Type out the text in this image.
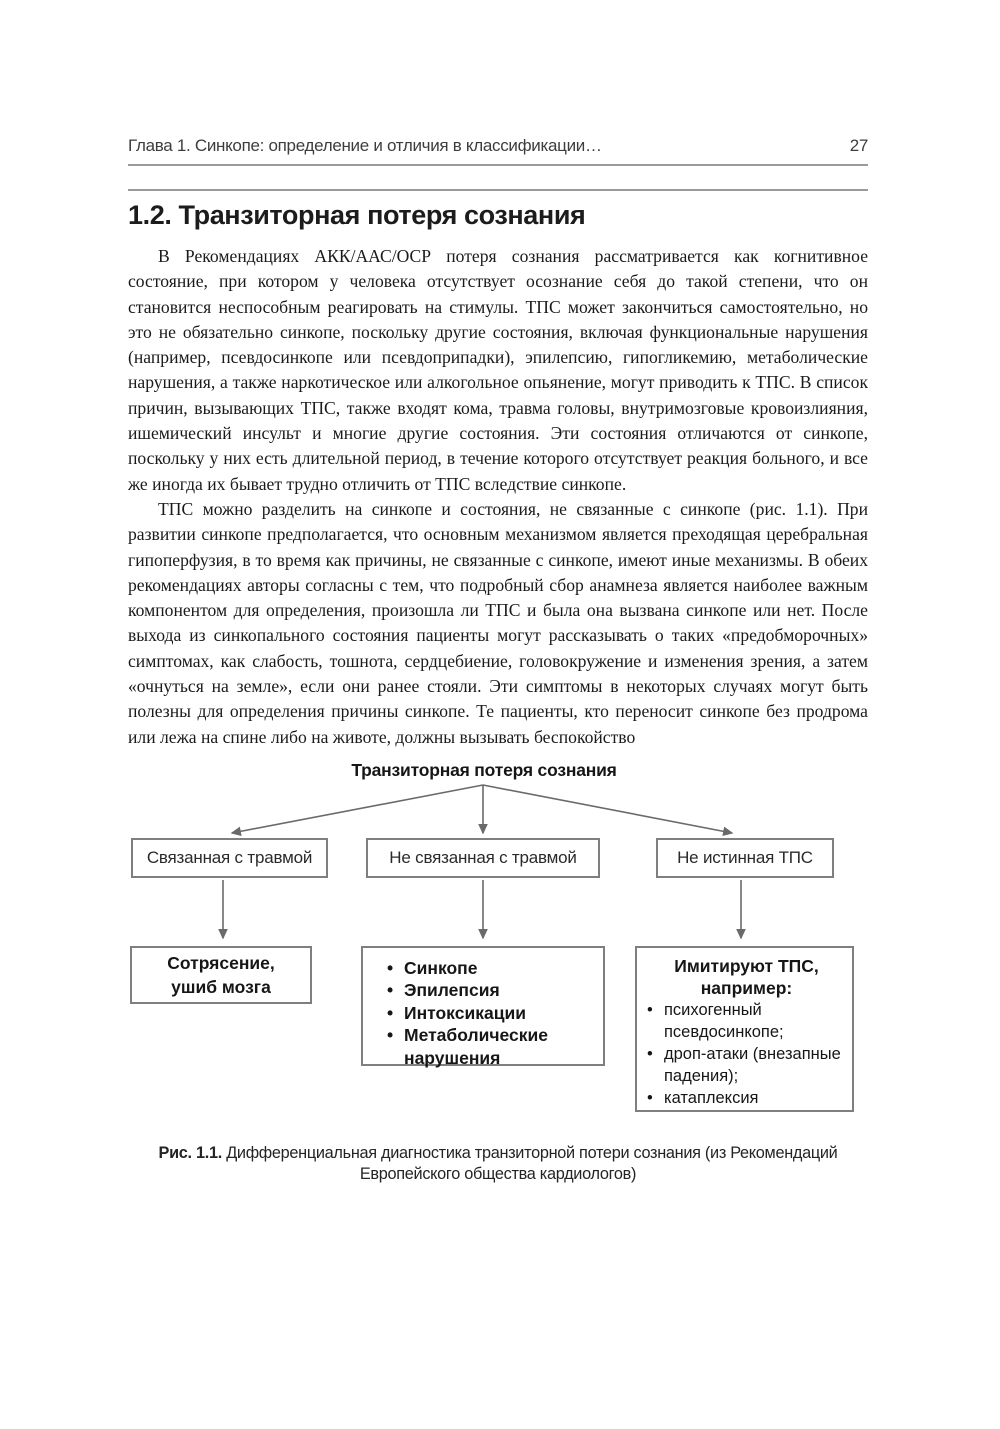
Глава 1. Синкопе: определение и отличия в классификации…	27
1.2. Транзиторная потеря сознания

В Рекомендациях АКК/ААС/ОСР потеря сознания рассматривается как когнитивное состояние, при котором у человека отсутствует осознание себя до такой степени, что он становится неспособным реагировать на стимулы. ТПС может закончиться самостоятельно, но это не обязательно синкопе, поскольку другие состояния, включая функциональные нарушения (например, псевдосинкопе или псевдоприпадки), эпилепсию, гипогликемию, метаболические нарушения, а также наркотическое или алкогольное опьянение, могут приводить к ТПС. В список причин, вызывающих ТПС, также входят кома, травма головы, внутримозговые кровоизлияния, ишемический инсульт и многие другие состояния. Эти состояния отличаются от синкопе, поскольку у них есть длительной период, в течение которого отсутствует реакция больного, и все же иногда их бывает трудно отличить от ТПС вследствие синкопе.

ТПС можно разделить на синкопе и состояния, не связанные с синкопе (рис. 1.1). При развитии синкопе предполагается, что основным механизмом является преходящая церебральная гипоперфузия, в то время как причины, не связанные с синкопе, имеют иные механизмы. В обеих рекомендациях авторы согласны с тем, что подробный сбор анамнеза является наиболее важным компонентом для определения, произошла ли ТПС и была она вызвана синкопе или нет. После выхода из синкопального состояния пациенты могут рассказывать о таких «предобморочных» симптомах, как слабость, тошнота, сердцебиение, головокружение и изменения зрения, а затем «очнуться на земле», если они ранее стояли. Эти симптомы в некоторых случаях могут быть полезны для определения причины синкопе. Те пациенты, кто переносит синкопе без продрома или лежа на спине либо на животе, должны вызывать беспокойство

Транзиторная потеря сознания
Связанная с травмой	Не связанная с травмой	Не истинная ТПС
Сотрясение,
ушиб мозга
• Синкопе
• Эпилепсия
• Интоксикации
• Метаболические нарушения
Имитируют ТПС,
например:
• психогенный псевдосинкопе;
• дроп-атаки (внезапные падения);
• катаплексия
Рис. 1.1. Дифференциальная диагностика транзиторной потери сознания (из Рекомендаций
Европейского общества кардиологов)
